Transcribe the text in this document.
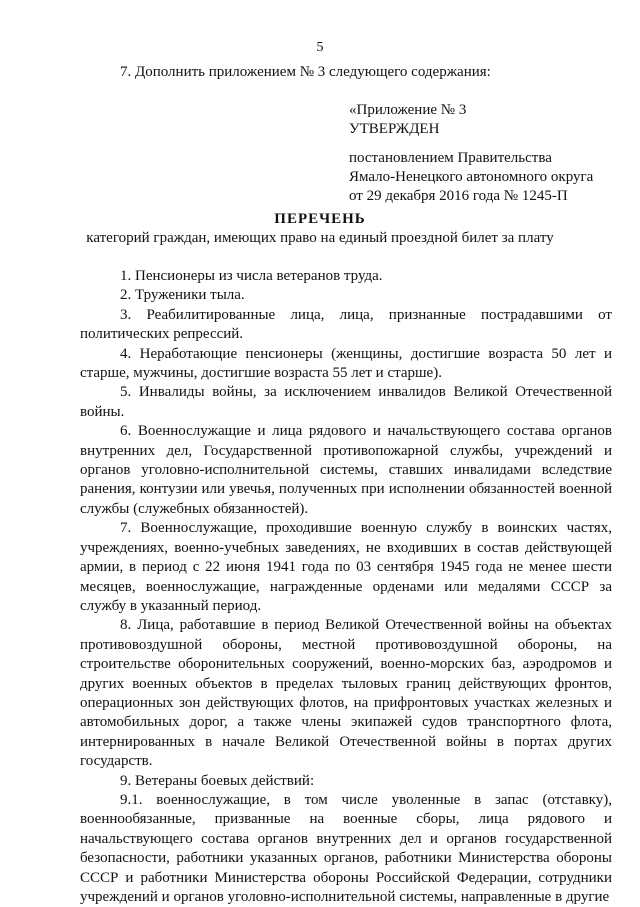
5
7. Дополнить приложением № 3 следующего содержания:
«Приложение № 3
УТВЕРЖДЕН
постановлением Правительства
Ямало-Ненецкого автономного округа
от 29 декабря 2016 года № 1245-П
ПЕРЕЧЕНЬ
категорий граждан, имеющих право на единый проездной билет за плату

1. Пенсионеры из числа ветеранов труда.

2. Труженики тыла.

3. Реабилитированные лица, лица, признанные пострадавшими от политических репрессий.

4. Неработающие пенсионеры (женщины, достигшие возраста 50 лет и старше, мужчины, достигшие возраста 55 лет и старше).

5. Инвалиды войны, за исключением инвалидов Великой Отечественной войны.

6. Военнослужащие и лица рядового и начальствующего состава органов внутренних дел, Государственной противопожарной службы, учреждений и органов уголовно-исполнительной системы, ставших инвалидами вследствие ранения, контузии или увечья, полученных при исполнении обязанностей военной службы (служебных обязанностей).

7. Военнослужащие, проходившие военную службу в воинских частях, учреждениях, военно-учебных заведениях, не входивших в состав действующей армии, в период с 22 июня 1941 года по 03 сентября 1945 года не менее шести месяцев, военнослужащие, награжденные орденами или медалями СССР за службу в указанный период.

8. Лица, работавшие в период Великой Отечественной войны на объектах противовоздушной обороны, местной противовоздушной обороны, на строительстве оборонительных сооружений, военно-морских баз, аэродромов и других военных объектов в пределах тыловых границ действующих фронтов, операционных зон действующих флотов, на прифронтовых участках железных и автомобильных дорог, а также члены экипажей судов транспортного флота, интернированных в начале Великой Отечественной войны в портах других государств.

9. Ветераны боевых действий:

9.1. военнослужащие, в том числе уволенные в запас (отставку), военнообязанные, призванные на военные сборы, лица рядового и начальствующего состава органов внутренних дел и органов государственной безопасности, работники указанных органов, работники Министерства обороны СССР и работники Министерства обороны Российской Федерации, сотрудники учреждений и органов уголовно-исполнительной системы, направленные в другие
